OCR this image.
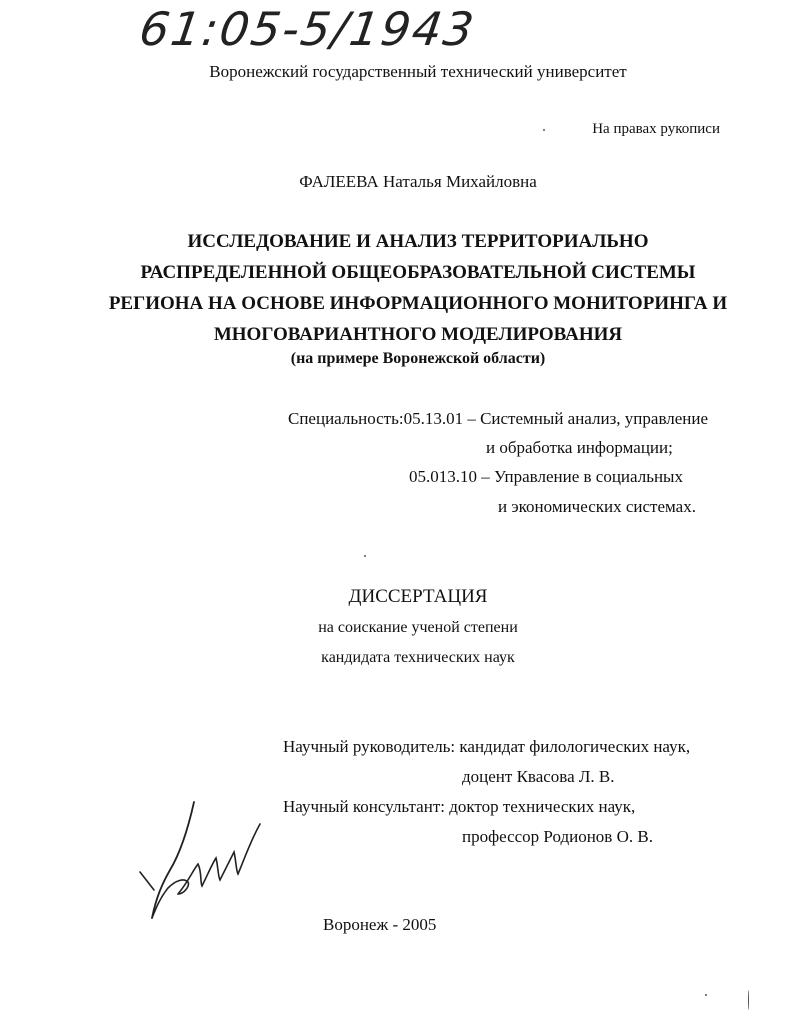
61:05-5/1943
Воронежский государственный технический университет
На правах рукописи
ФАЛЕЕВА Наталья Михайловна
ИССЛЕДОВАНИЕ И АНАЛИЗ ТЕРРИТОРИАЛЬНО
РАСПРЕДЕЛЕННОЙ ОБЩЕОБРАЗОВАТЕЛЬНОЙ СИСТЕМЫ
РЕГИОНА НА ОСНОВЕ ИНФОРМАЦИОННОГО МОНИТОРИНГА И
МНОГОВАРИАНТНОГО МОДЕЛИРОВАНИЯ
(на примере Воронежской области)
Специальность:05.13.01 – Системный анализ, управление
и обработка информации;
05.013.10 – Управление в социальных
и экономических системах.
ДИССЕРТАЦИЯ
на соискание ученой степени
кандидата технических наук
Научный руководитель: кандидат филологических наук,
доцент Квасова Л. В.
Научный консультант: доктор технических наук,
профессор Родионов О. В.
Воронеж - 2005
